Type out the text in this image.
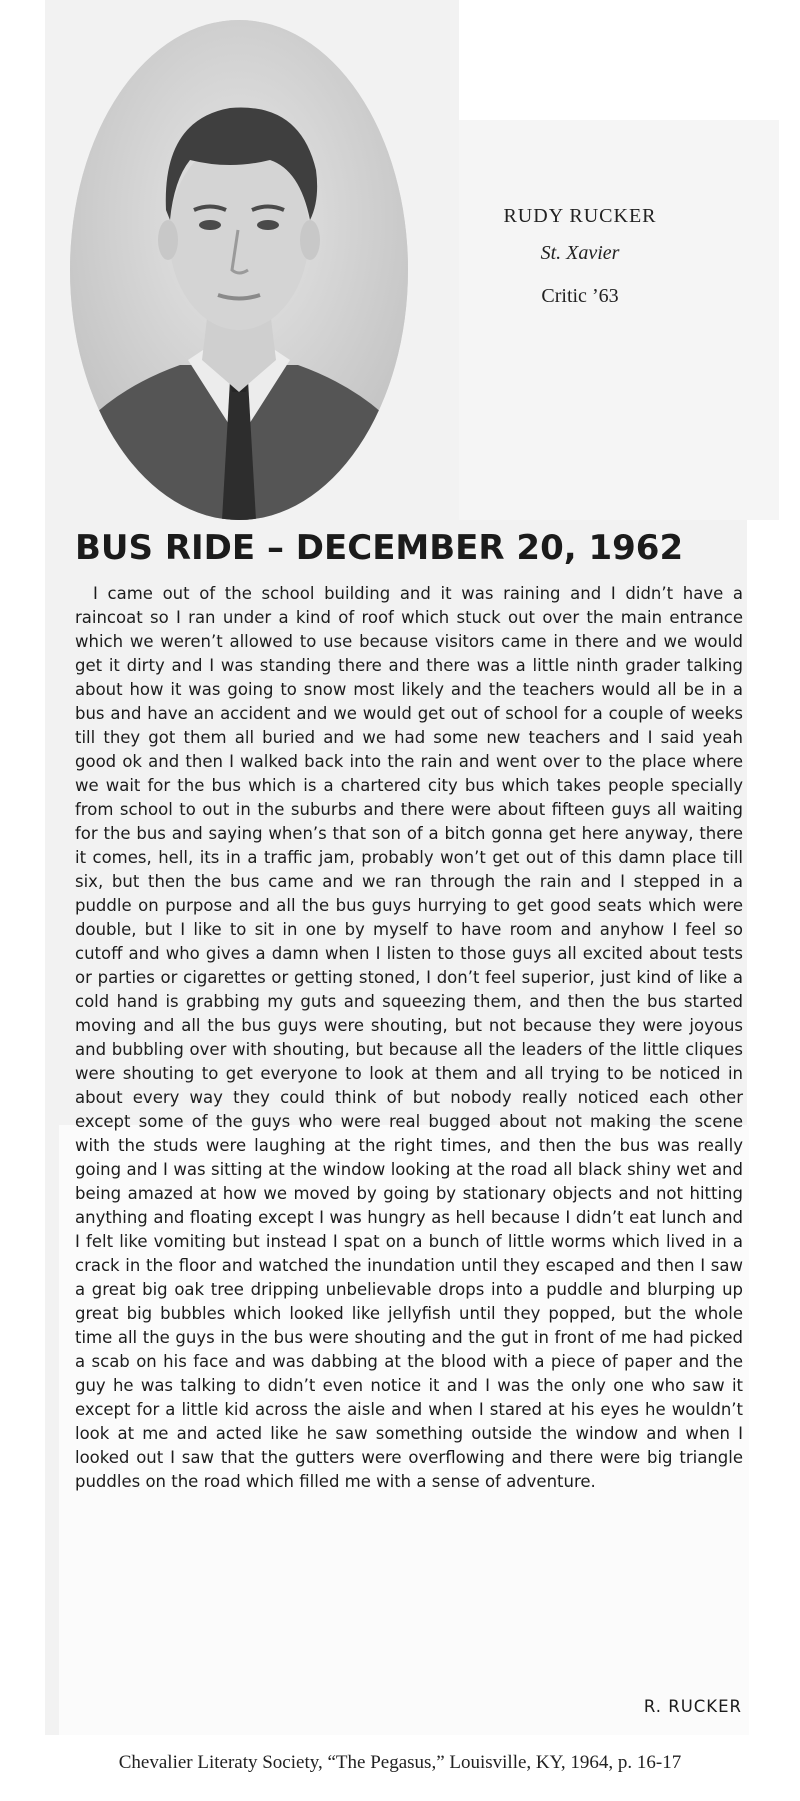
RUDY RUCKER
St. Xavier
Critic ’63
BUS RIDE – DECEMBER 20, 1962
I came out of the school building and it was raining and I didn’t have a raincoat so I ran under a kind of roof which stuck out over the main entrance which we weren’t allowed to use because visitors came in there and we would get it dirty and I was standing there and there was a little ninth grader talking about how it was going to snow most likely and the teachers would all be in a bus and have an accident and we would get out of school for a couple of weeks till they got them all buried and we had some new teachers and I said yeah good ok and then I walked back into the rain and went over to the place where we wait for the bus which is a chartered city bus which takes people specially from school to out in the suburbs and there were about fifteen guys all waiting for the bus and saying when’s that son of a bitch gonna get here anyway, there it comes, hell, its in a traffic jam, probably won’t get out of this damn place till six, but then the bus came and we ran through the rain and I stepped in a puddle on purpose and all the bus guys hurrying to get good seats which were double, but I like to sit in one by myself to have room and anyhow I feel so cutoff and who gives a damn when I listen to those guys all excited about tests or parties or cigarettes or getting stoned, I don’t feel superior, just kind of like a cold hand is grabbing my guts and squeezing them, and then the bus started moving and all the bus guys were shouting, but not because they were joyous and bubbling over with shouting, but because all the leaders of the little cliques were shouting to get everyone to look at them and all trying to be noticed in about every way they could think of but nobody really noticed each other except some of the guys who were real bugged about not making the scene with the studs were laughing at the right times, and then the bus was really going and I was sitting at the window looking at the road all black shiny wet and being amazed at how we moved by going by stationary objects and not hitting anything and floating except I was hungry as hell because I didn’t eat lunch and I felt like vomiting but instead I spat on a bunch of little worms which lived in a crack in the floor and watched the inundation until they escaped and then I saw a great big oak tree dripping unbelievable drops into a puddle and blurping up great big bubbles which looked like jellyfish until they popped, but the whole time all the guys in the bus were shouting and the gut in front of me had picked a scab on his face and was dabbing at the blood with a piece of paper and the guy he was talking to didn’t even notice it and I was the only one who saw it except for a little kid across the aisle and when I stared at his eyes he wouldn’t look at me and acted like he saw something outside the window and when I looked out I saw that the gutters were overflowing and there were big triangle puddles on the road which filled me with a sense of adventure.
R. RUCKER
Chevalier Literaty Society, “The Pegasus,” Louisville, KY, 1964, p. 16-17
